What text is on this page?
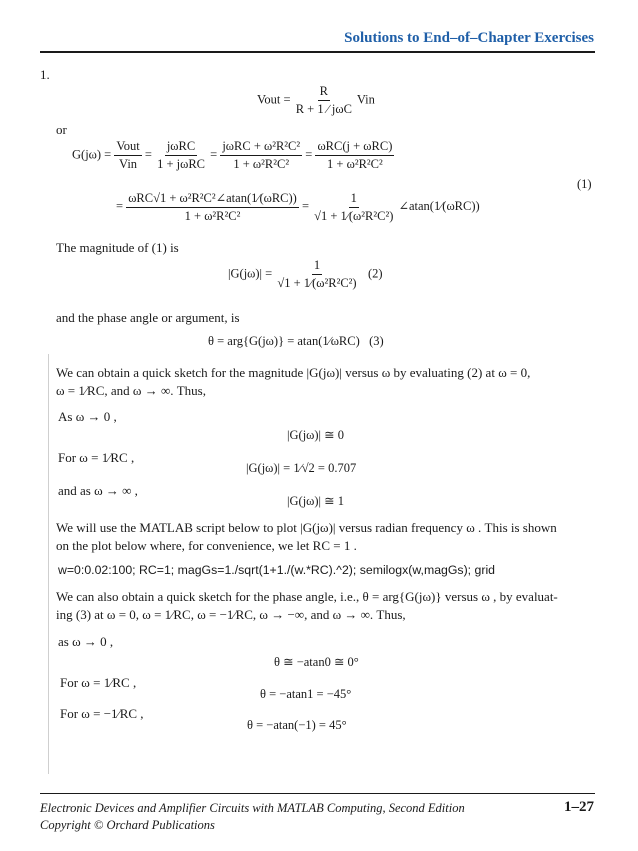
Solutions to End–of–Chapter Exercises
1.
Vout = $\frac{R}{\text{R + 1 ∕ jωC}}$ Vin
or
$G(j\omega) = \frac{\text{Vout}}{\text{Vin}} = \frac{\text{jωRC}}{\text{1 + jωRC}} = \frac{\text{jωRC + ω²R²C²}}{\text{1 + ω²R²C²}} = \frac{\text{ωRC(j + ωRC)}}{\text{1 + ω²R²C²}}$
(1)
= $\frac{\text{ωRC√1 + ω²R²C²∠atan(1∕(ωRC))}}{\text{1 + ω²R²C²}} = \frac{1}{\text{√1 + 1∕(ω²R²C²)}}$ ∠atan(1∕(ωRC))
The magnitude of (1) is
$|G(j\omega)| = \frac{1}{\text{√1 + 1∕(ω²R²C²)}} (2)$
and the phase angle or argument, is
θ = arg{G(jω)} = atan(1∕ωRC) (3)
We can obtain a quick sketch for the magnitude |G(jω)| versus ω by evaluating (2) at ω = 0,
ω = 1∕RC, and ω → ∞. Thus,
As ω → 0 ,
|G(jω)| ≅ 0
For ω = 1∕RC ,
|G(jω)| = 1∕√2 = 0.707
and as ω → ∞ ,
|G(jω)| ≅ 1
We will use the MATLAB script below to plot |G(jω)| versus radian frequency ω . This is shown
on the plot below where, for convenience, we let RC = 1 .
w=0:0.02:100; RC=1; magGs=1./sqrt(1+1./(w.*RC).^2); semilogx(w,magGs); grid
We can also obtain a quick sketch for the phase angle, i.e., θ = arg{G(jω)} versus ω , by evaluat-
ing (3) at ω = 0, ω = 1∕RC, ω = −1∕RC, ω → −∞, and ω → ∞. Thus,
as ω → 0 ,
θ ≅ −atan0 ≅ 0°
For ω = 1∕RC ,
θ = −atan1 = −45°
For ω = −1∕RC ,
θ = −atan(−1) = 45°
Electronic Devices and Amplifier Circuits with MATLAB Computing, Second Edition
Copyright © Orchard Publications
1–27
